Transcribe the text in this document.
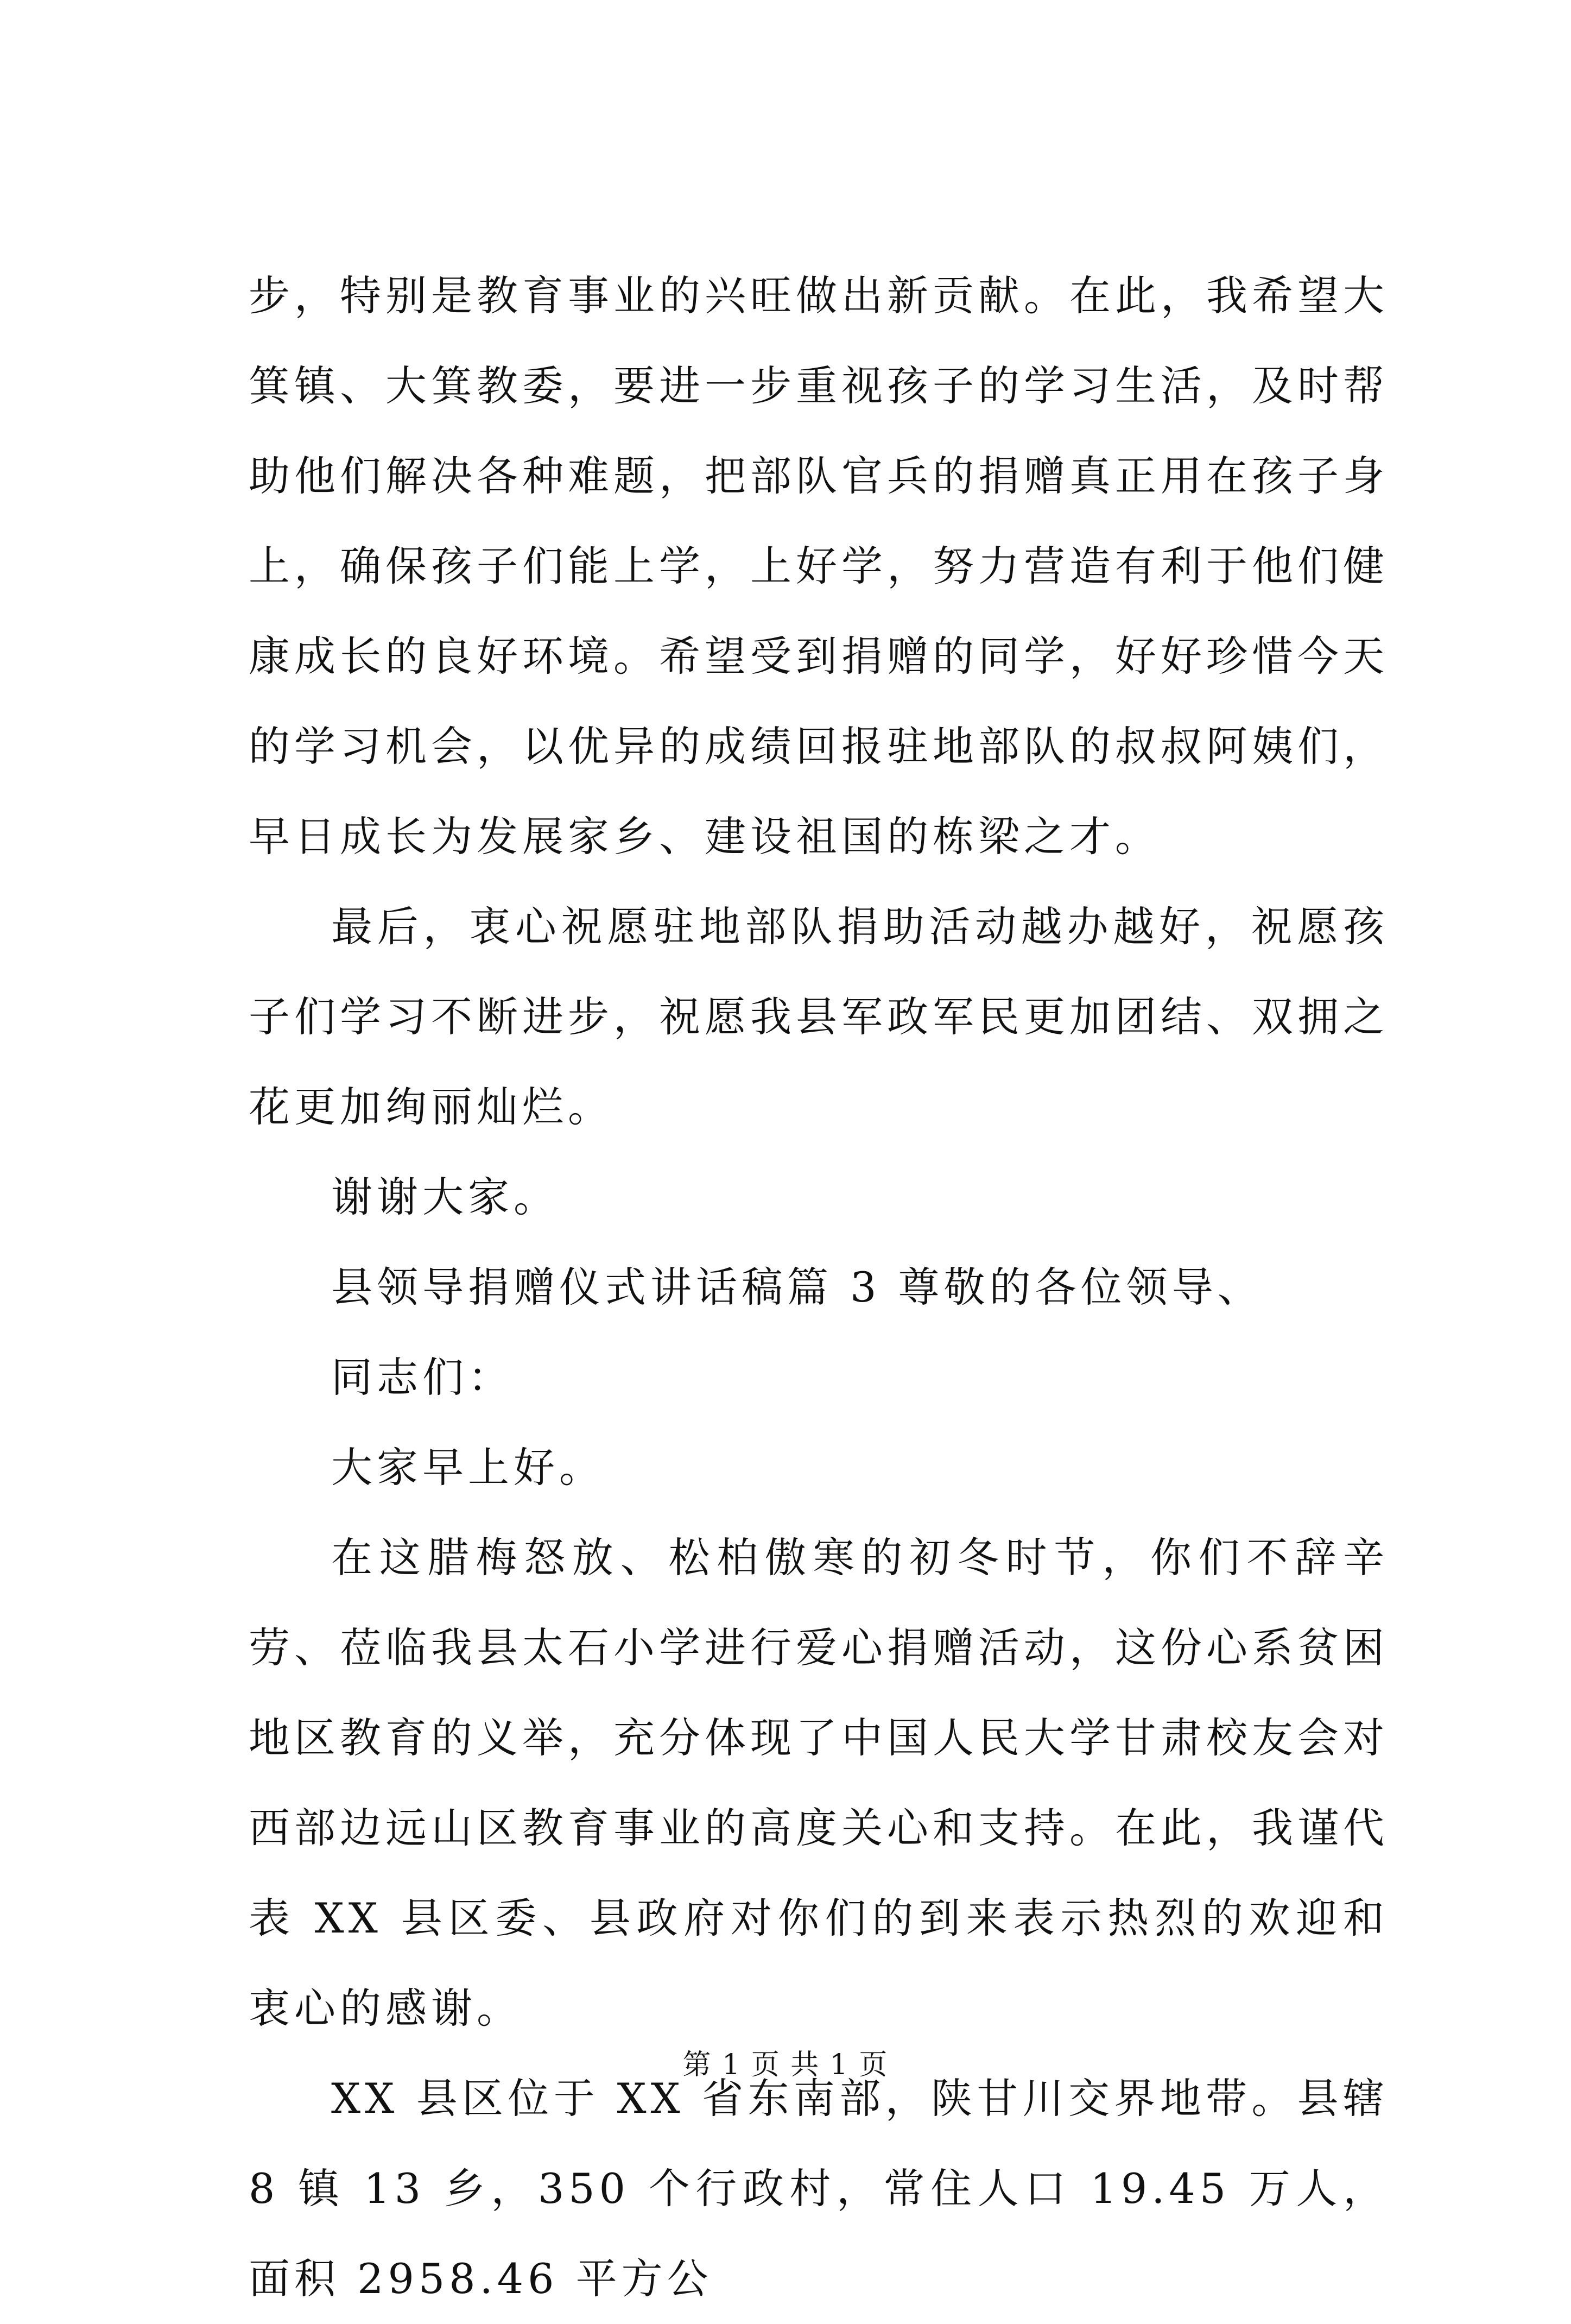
步，特别是教育事业的兴旺做出新贡献。在此，我希望大箕镇、大箕教委，要进一步重视孩子的学习生活，及时帮助他们解决各种难题，把部队官兵的捐赠真正用在孩子身上，确保孩子们能上学，上好学，努力营造有利于他们健康成长的良好环境。希望受到捐赠的同学，好好珍惜今天的学习机会，以优异的成绩回报驻地部队的叔叔阿姨们，早日成长为发展家乡、建设祖国的栋梁之才。

最后，衷心祝愿驻地部队捐助活动越办越好，祝愿孩子们学习不断进步，祝愿我县军政军民更加团结、双拥之花更加绚丽灿烂。

谢谢大家。

县领导捐赠仪式讲话稿篇 3 尊敬的各位领导、

同志们：

大家早上好。

在这腊梅怒放、松柏傲寒的初冬时节，你们不辞辛劳、莅临我县太石小学进行爱心捐赠活动，这份心系贫困地区教育的义举，充分体现了中国人民大学甘肃校友会对西部边远山区教育事业的高度关心和支持。在此，我谨代表 XX 县区委、县政府对你们的到来表示热烈的欢迎和衷心的感谢。

XX 县区位于 XX 省东南部，陕甘川交界地带。县辖 8 镇 13 乡，350 个行政村，常住人口 19.45 万人，面积 2958.46 平方公

第 1 页 共 1 页
